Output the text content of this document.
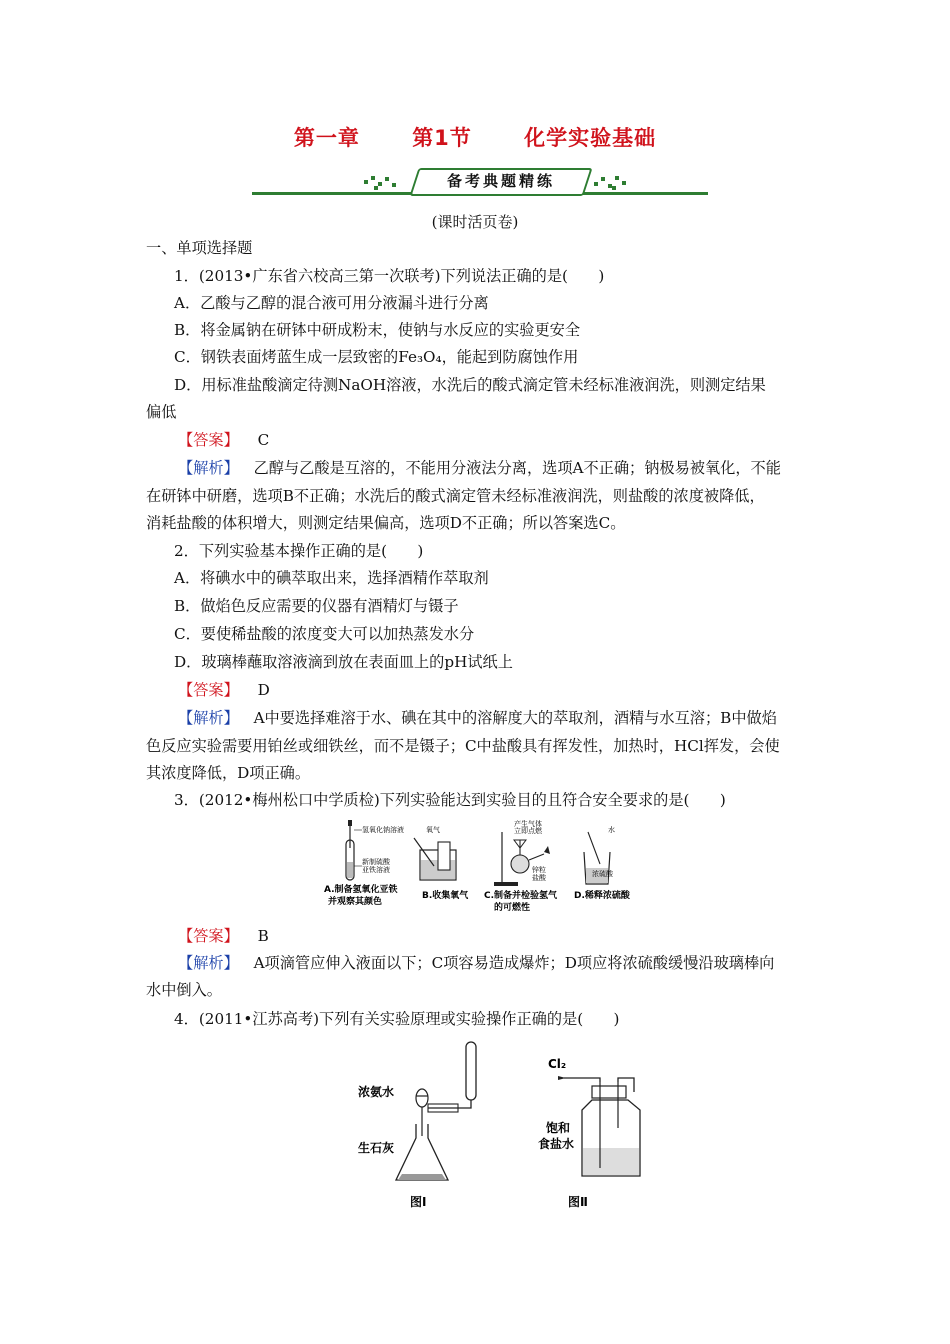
第一章 第1节 化学实验基础
备考典题精练
(课时活页卷)
一、单项选择题
1．(2013•广东省六校高三第一次联考)下列说法正确的是(　　)
A．乙酸与乙醇的混合液可用分液漏斗进行分离
B．将金属钠在研钵中研成粉末，使钠与水反应的实验更安全
C．钢铁表面烤蓝生成一层致密的Fe₃O₄，能起到防腐蚀作用
D．用标准盐酸滴定待测NaOH溶液，水洗后的酸式滴定管未经标准液润洗，则测定结果
偏低
【答案】 C
【解析】 乙醇与乙酸是互溶的，不能用分液法分离，选项A不正确；钠极易被氧化，不能
在研钵中研磨，选项B不正确；水洗后的酸式滴定管未经标准液润洗，则盐酸的浓度被降低，
消耗盐酸的体积增大，则测定结果偏高，选项D不正确；所以答案选C。
2．下列实验基本操作正确的是(　　)
A．将碘水中的碘萃取出来，选择酒精作萃取剂
B．做焰色反应需要的仪器有酒精灯与镊子
C．要使稀盐酸的浓度变大可以加热蒸发水分
D．玻璃棒蘸取溶液滴到放在表面皿上的pH试纸上
【答案】 D
【解析】 A中要选择难溶于水、碘在其中的溶解度大的萃取剂，酒精与水互溶；B中做焰
色反应实验需要用铂丝或细铁丝，而不是镊子；C中盐酸具有挥发性，加热时，HCl挥发，会使
其浓度降低，D项正确。
3．(2012•梅州松口中学质检)下列实验能达到实验目的且符合安全要求的是(　　)
氢氧化钠溶液
新制硫酸
亚铁溶液
A.制备氢氧化亚铁
并观察其颜色
氧气
B.收集氧气
产生气体
立即点燃
锌粒
盐酸
C.制备并检验氢气
的可燃性
水
浓硫酸
D.稀释浓硫酸
【答案】 B
【解析】 A项滴管应伸入液面以下；C项容易造成爆炸；D项应将浓硫酸缓慢沿玻璃棒向
水中倒入。
4．(2011•江苏高考)下列有关实验原理或实验操作正确的是(　　)
浓氨水
生石灰
图Ⅰ
Cl₂
饱和
食盐水
图Ⅱ
